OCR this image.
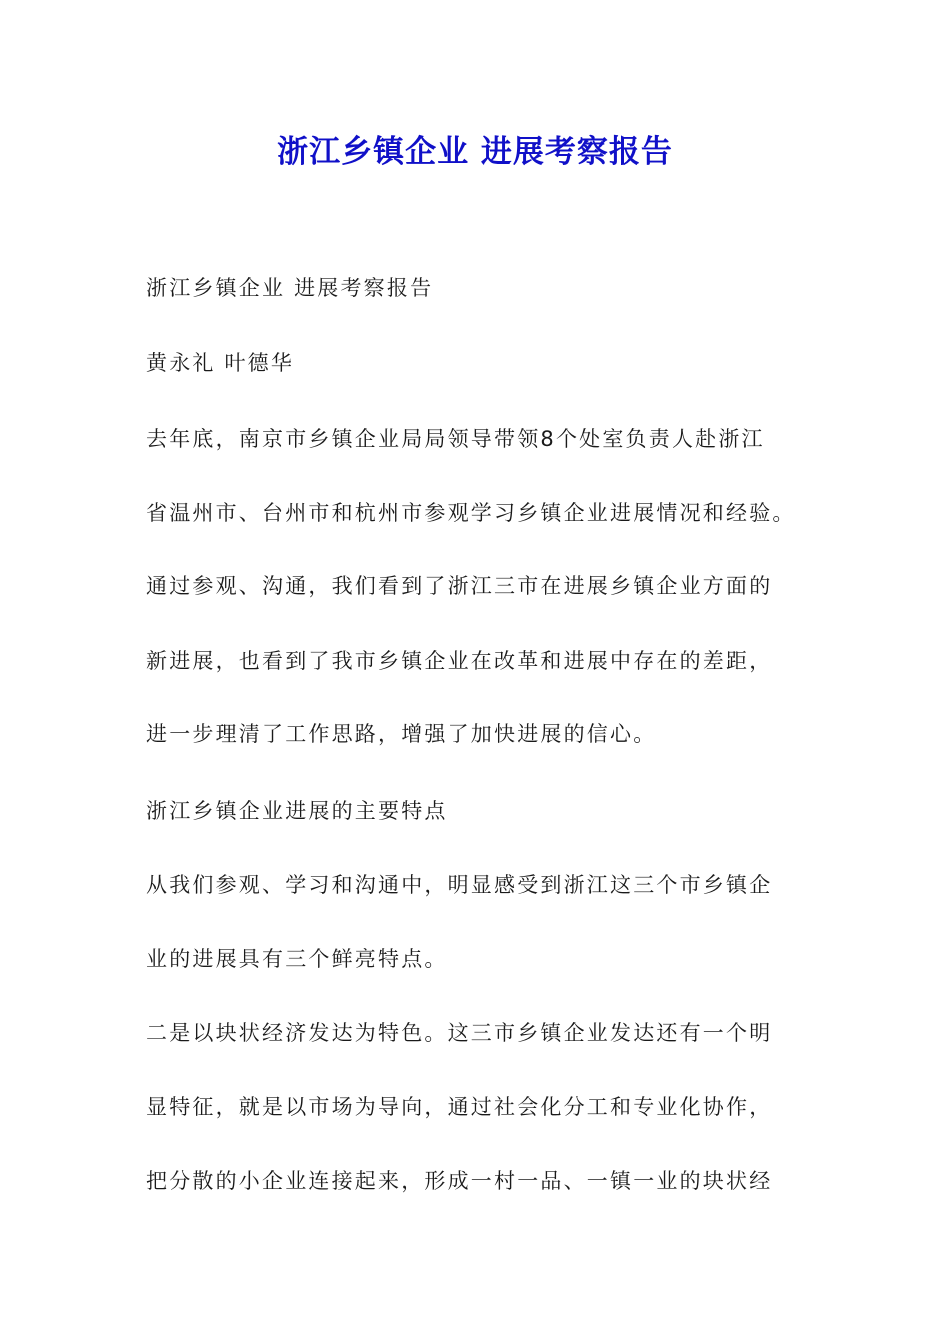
浙江乡镇企业 进展考察报告
浙江乡镇企业 进展考察报告
黄永礼 叶德华
去年底，南京市乡镇企业局局领导带领8个处室负责人赴浙江
省温州市、台州市和杭州市参观学习乡镇企业进展情况和经验。
通过参观、沟通，我们看到了浙江三市在进展乡镇企业方面的
新进展，也看到了我市乡镇企业在改革和进展中存在的差距，
进一步理清了工作思路，增强了加快进展的信心。
浙江乡镇企业进展的主要特点
从我们参观、学习和沟通中，明显感受到浙江这三个市乡镇企
业的进展具有三个鲜亮特点。
二是以块状经济发达为特色。这三市乡镇企业发达还有一个明
显特征，就是以市场为导向，通过社会化分工和专业化协作，
把分散的小企业连接起来，形成一村一品、一镇一业的块状经
